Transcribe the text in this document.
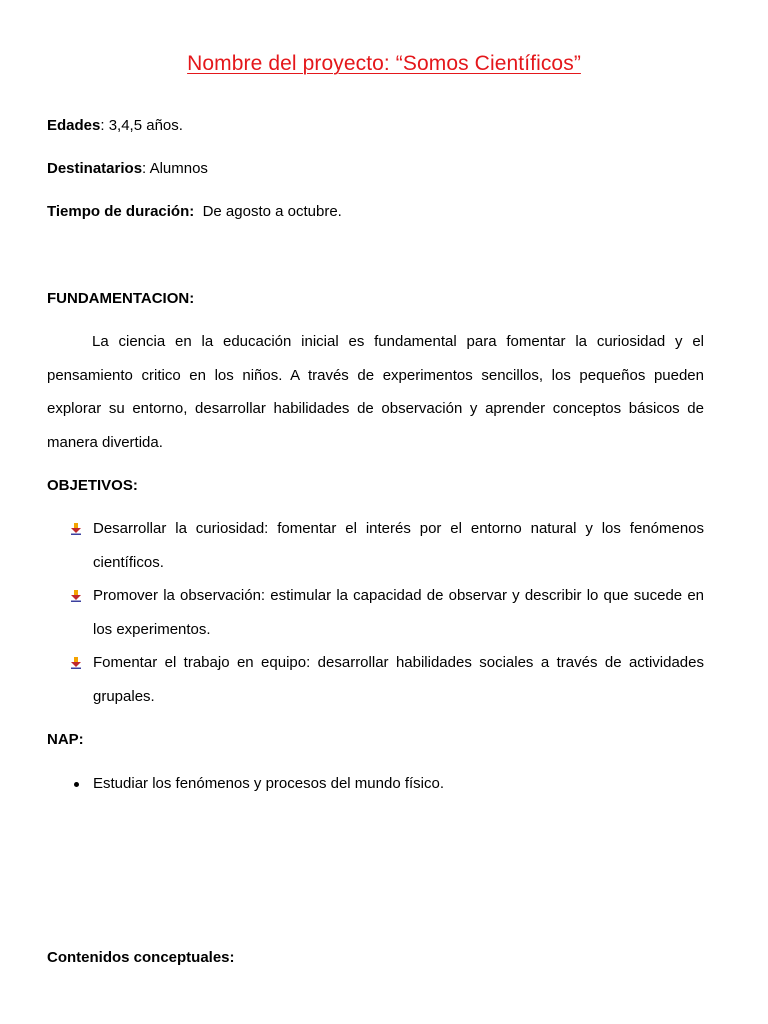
Nombre del proyecto: “Somos Científicos”
Edades: 3,4,5 años.
Destinatarios: Alumnos
Tiempo de duración: De agosto a octubre.
FUNDAMENTACION:

La ciencia en la educación inicial es fundamental para fomentar la curiosidad y el pensamiento critico en los niños. A través de experimentos sencillos, los pequeños pueden explorar su entorno, desarrollar habilidades de observación y aprender conceptos básicos de manera divertida.

OBJETIVOS:
Desarrollar la curiosidad: fomentar el interés por el entorno natural y los fenómenos científicos.
Promover la observación: estimular la capacidad de observar y describir lo que sucede en los experimentos.
Fomentar el trabajo en equipo: desarrollar habilidades sociales a través de actividades grupales.
NAP:
Estudiar los fenómenos y procesos del mundo físico.
Contenidos conceptuales:
